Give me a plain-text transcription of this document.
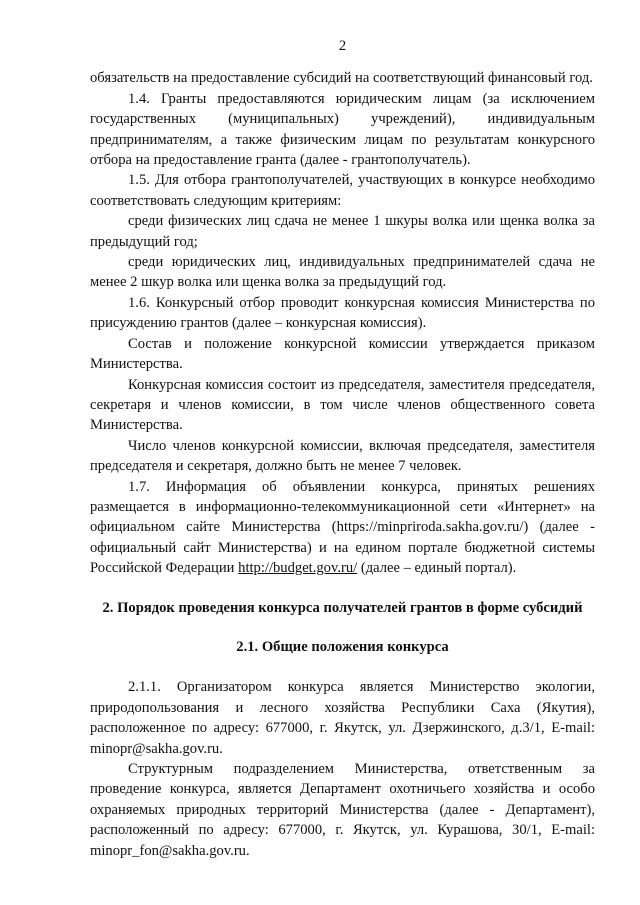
2

обязательств на предоставление субсидий на соответствующий финансовый год.

1.4. Гранты предоставляются юридическим лицам (за исключением государственных (муниципальных) учреждений), индивидуальным предпринимателям, а также физическим лицам по результатам конкурсного отбора на предоставление гранта (далее - грантополучатель).

1.5. Для отбора грантополучателей, участвующих в конкурсе необходимо соответствовать следующим критериям:

среди физических лиц сдача не менее 1 шкуры волка или щенка волка за предыдущий год;

среди юридических лиц, индивидуальных предпринимателей сдача не менее 2 шкур волка или щенка волка за предыдущий год.

1.6. Конкурсный отбор проводит конкурсная комиссия Министерства по присуждению грантов (далее – конкурсная комиссия).

Состав и положение конкурсной комиссии утверждается приказом Министерства.

Конкурсная комиссия состоит из председателя, заместителя председателя, секретаря и членов комиссии, в том числе членов общественного совета Министерства.

Число членов конкурсной комиссии, включая председателя, заместителя председателя и секретаря, должно быть не менее 7 человек.

1.7. Информация об объявлении конкурса, принятых решениях размещается в информационно-телекоммуникационной сети «Интернет» на официальном сайте Министерства (https://minpriroda.sakha.gov.ru/) (далее - официальный сайт Министерства) и на едином портале бюджетной системы Российской Федерации http://budget.gov.ru/ (далее – единый портал).

2. Порядок проведения конкурса получателей грантов в форме субсидий

2.1. Общие положения конкурса

2.1.1. Организатором конкурса является Министерство экологии, природопользования и лесного хозяйства Республики Саха (Якутия), расположенное по адресу: 677000, г. Якутск, ул. Дзержинского, д.3/1, E-mail: minopr@sakha.gov.ru.

Структурным подразделением Министерства, ответственным за проведение конкурса, является Департамент охотничьего хозяйства и особо охраняемых природных территорий Министерства (далее - Департамент), расположенный по адресу: 677000, г. Якутск, ул. Курашова, 30/1, E-mail: minopr_fon@sakha.gov.ru.
